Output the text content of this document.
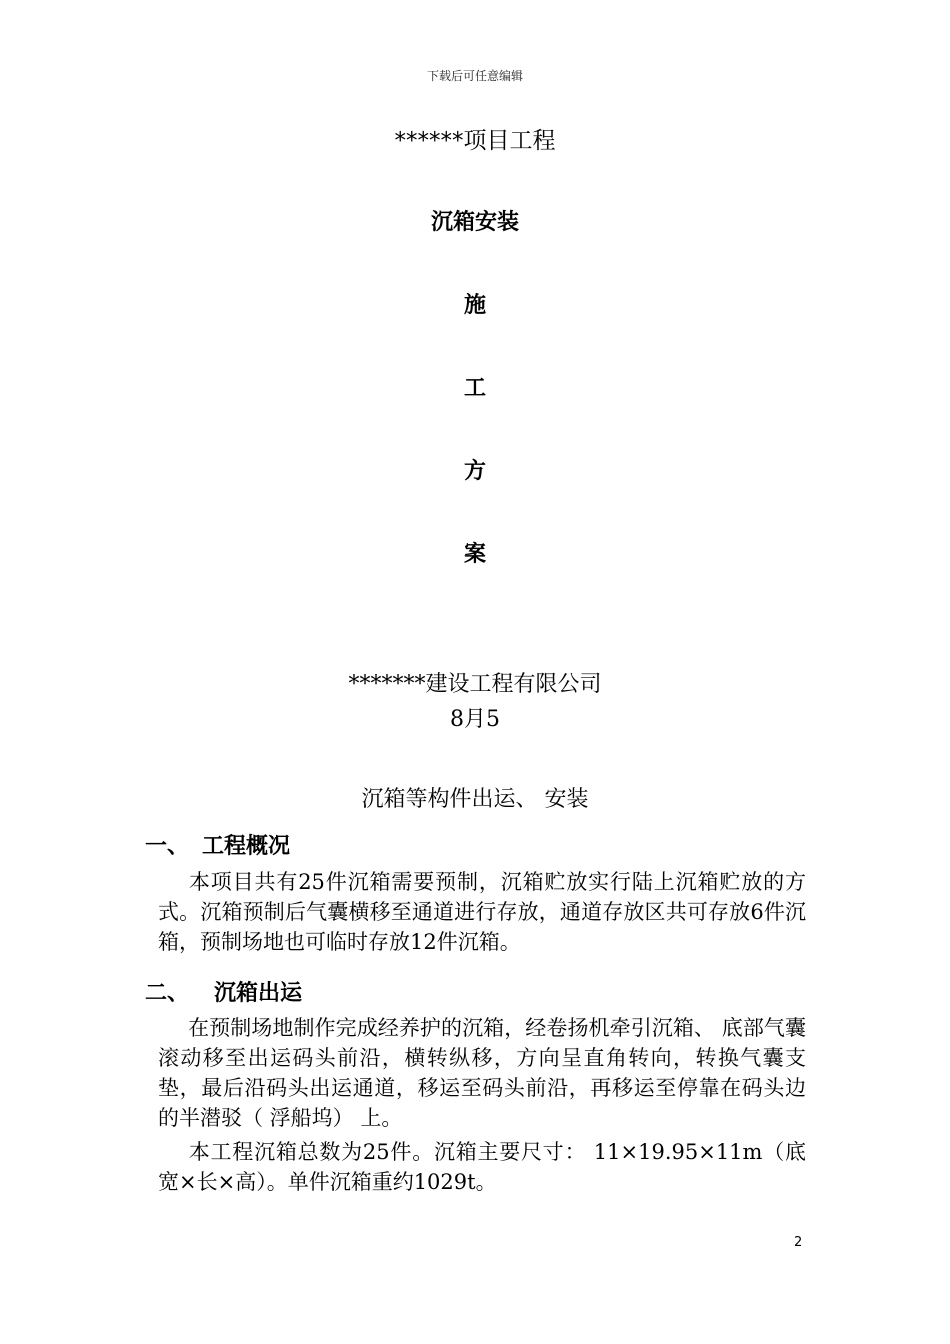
下载后可任意编辑
******项目工程
沉箱安装
施
工
方
案
*******建设工程有限公司
8月5
沉箱等构件出运、 安装
一、 工程概况
本项目共有25件沉箱需要预制，沉箱贮放实行陆上沉箱贮放的方式。沉箱预制后气囊横移至通道进行存放，通道存放区共可存放6件沉箱，预制场地也可临时存放12件沉箱。
二、 沉箱出运
在预制场地制作完成经养护的沉箱，经卷扬机牵引沉箱、 底部气囊滚动移至出运码头前沿，横转纵移，方向呈直角转向，转换气囊支垫，最后沿码头出运通道，移运至码头前沿，再移运至停靠在码头边的半潜驳（ 浮船坞） 上。
本工程沉箱总数为25件。沉箱主要尺寸： 11×19.95×11m（底宽×长×高）。单件沉箱重约1029t。
2
